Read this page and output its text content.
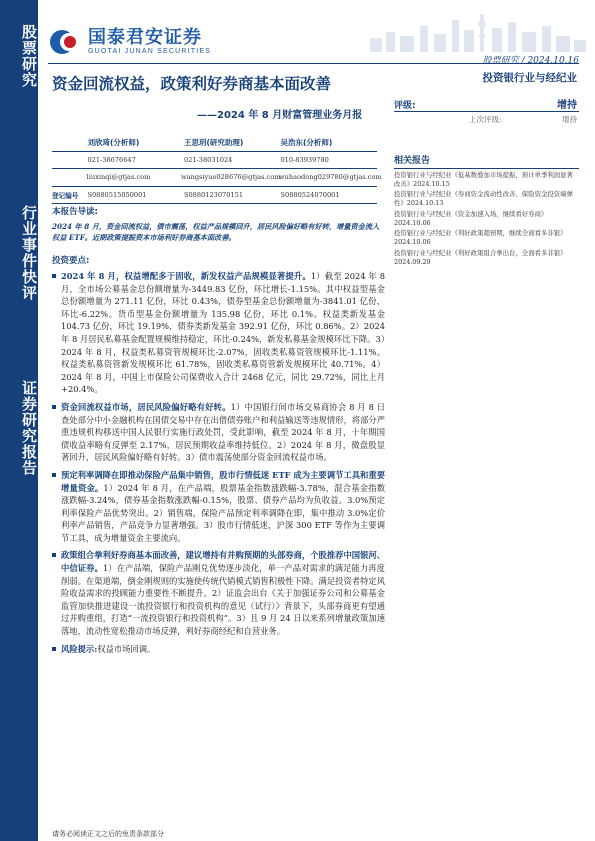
股票研究
行业事件快评
证券研究报告
国泰君安证券
GUOTAI JUNAN SECURITIES
股票研究 / 2024.10.16
投资银行业与经纪业
资金回流权益，政策利好券商基本面改善
——2024 年 8 月财富管理业务月报
评级:	增持
上次评级:	增持
刘欣琦(分析师)	王思玥(研究助理)	吴浩东(分析师)
021-38676647	021-38031024	010-83939780
liuxinqi@gtjas.com	wangsiyue028676@gtjas.com
wuhaodong029780@gtjas.com
登记编号	S0880515050001	S0880123070151	S0880524070001
相关报告
投资银行业与经纪业《低基数叠加市场提振，预计单季利润显著改善》2024.10.15
投资银行业与经纪业《券商资金流动性改善，保险资金投资端弹性》2024.10.13
投资银行业与经纪业《资金加速入场，继续看好券商》2024.10.06
投资银行业与经纪业《利好政策超预期，继续全面看多非银》2024.10.06
投资银行业与经纪业《利好政策组合拳出台，全面看多非银》2024.09.29
本报告导读:
2024 年 8 月，资金回流权益，债市震荡，权益产品规模回升，居民风险偏好略有好转，增量资金流入权益 ETF。近期政策提振资本市场利好券商基本面改善。
投资要点:

2024 年 8 月，权益增配多于固收，新发权益产品规模显著提升。1）截至 2024 年 8 月，全市场公募基金总份额增量为-3449.83 亿份，环比增长-1.15%。其中权益型基金总份额增量为 271.11 亿份，环比 0.43%，债券型基金总份额增量为-3841.01 亿份，环比-6.22%。货币型基金份额增量为 135.98 亿份，环比 0.1%。权益类新发基金 104.73 亿份，环比 19.19%，债券类新发基金 392.91 亿份，环比 0.86%。2）2024 年 8 月居民私募基金配置规模维持稳定，环比-0.24%，新发私募基金规模环比下降。3）2024 年 8 月，权益类私募资管规模环比-2.07%，固收类私募资管规模环比-1.11%。权益类私募资管新发规模环比 61.78%，固收类私募资管新发规模环比 40.71%。4）2024 年 8 月，中国上市保险公司保费收入合计 2468 亿元，同比 29.72%，同比上月+20.4%。

资金回流权益市场，居民风险偏好略有好转。1）中国银行间市场交易商协会 8 月 8 日查处部分中小金融机构在国债交易中存在出借债券账户和利益输送等违规情形，将部分严重违规机构移送中国人民银行实施行政处罚，受此影响，截至 2024 年 8 月，十年期国债收益率略有反弹至 2.17%，居民预期收益率维持低位。2）2024 年 8 月，微盘股显著回升，居民风险偏好略有好转。3）债市震荡使部分资金回流权益市场。

预定利率调降在即推动保险产品集中销售，股市行情低迷 ETF 成为主要调节工具和重要增量资金。1）2024 年 8 月，在产品端，股票基金指数涨跌幅-3.78%，混合基金指数涨跌幅-3.24%，债券基金指数涨跌幅-0.15%，股票、债券产品均为负收益。3.0%预定利率保险产品优势突出。2）销售端，保险产品预定利率调降在即，集中推动 3.0%定价利率产品销售，产品竞争力显著增强。3）股市行情低迷，沪深 300 ETF 等作为主要调节工具，成为增量资金主要流向。

政策组合拳利好券商基本面改善，建议增持有并购预期的头部券商，个股推荐中国银河、中信证券。1）在产品端，保险产品刚兑优势逐步淡化，单一产品对需求的满足能力再度削弱。在渠道端，倒金刚规则的实施使传统代销模式销售积极性下降。满足投资者特定风险收益需求的投顾能力重要性不断提升。2）证监会出台《关于加强证券公司和公募基金监管加快推进建设一流投资银行和投资机构的意见（试行）》背景下，头部券商更有望通过并购重组，打造“一流投资银行和投资机构”。3）且 9 月 24 日以来系列增量政策加速落地，流动性宽松推动市场反弹，利好券商经纪和自营业务。

风险提示:权益市场回调。

请务必阅读正文之后的免责条款部分
